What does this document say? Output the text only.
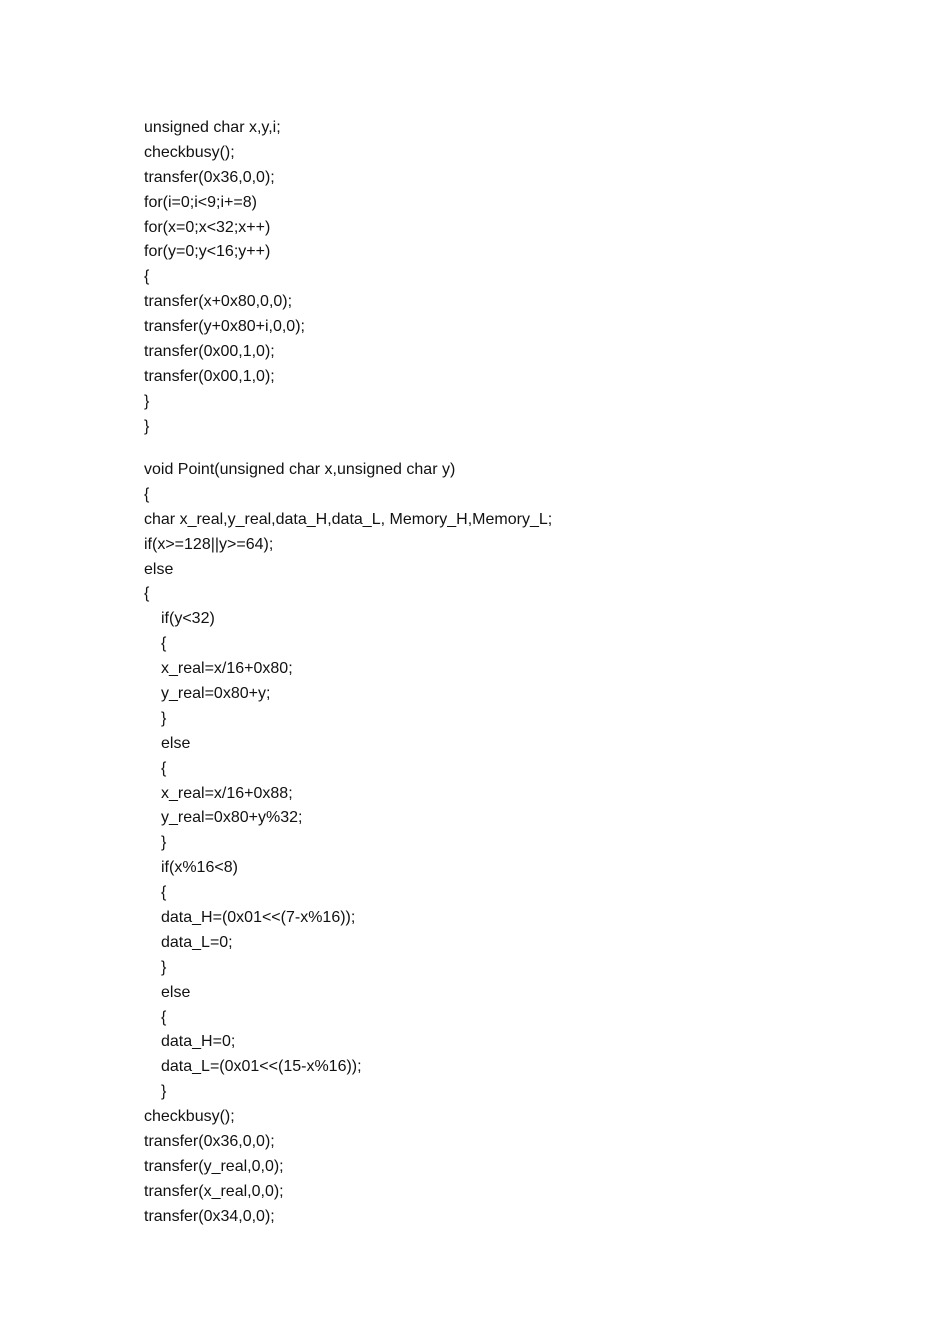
unsigned char x,y,i;
checkbusy();
transfer(0x36,0,0);
for(i=0;i<9;i+=8)
for(x=0;x<32;x++)
for(y=0;y<16;y++)
{
transfer(x+0x80,0,0);
transfer(y+0x80+i,0,0);
transfer(0x00,1,0);
transfer(0x00,1,0);
}
}
void Point(unsigned char x,unsigned char y)
{
char x_real,y_real,data_H,data_L, Memory_H,Memory_L;
if(x>=128||y>=64);
else
{
if(y<32)
{
x_real=x/16+0x80;
y_real=0x80+y;
}
else
{
x_real=x/16+0x88;
y_real=0x80+y%32;
}
if(x%16<8)
{
data_H=(0x01<<(7-x%16));
data_L=0;
}
else
{
data_H=0;
data_L=(0x01<<(15-x%16));
}
checkbusy();
transfer(0x36,0,0);
transfer(y_real,0,0);
transfer(x_real,0,0);
transfer(0x34,0,0);
